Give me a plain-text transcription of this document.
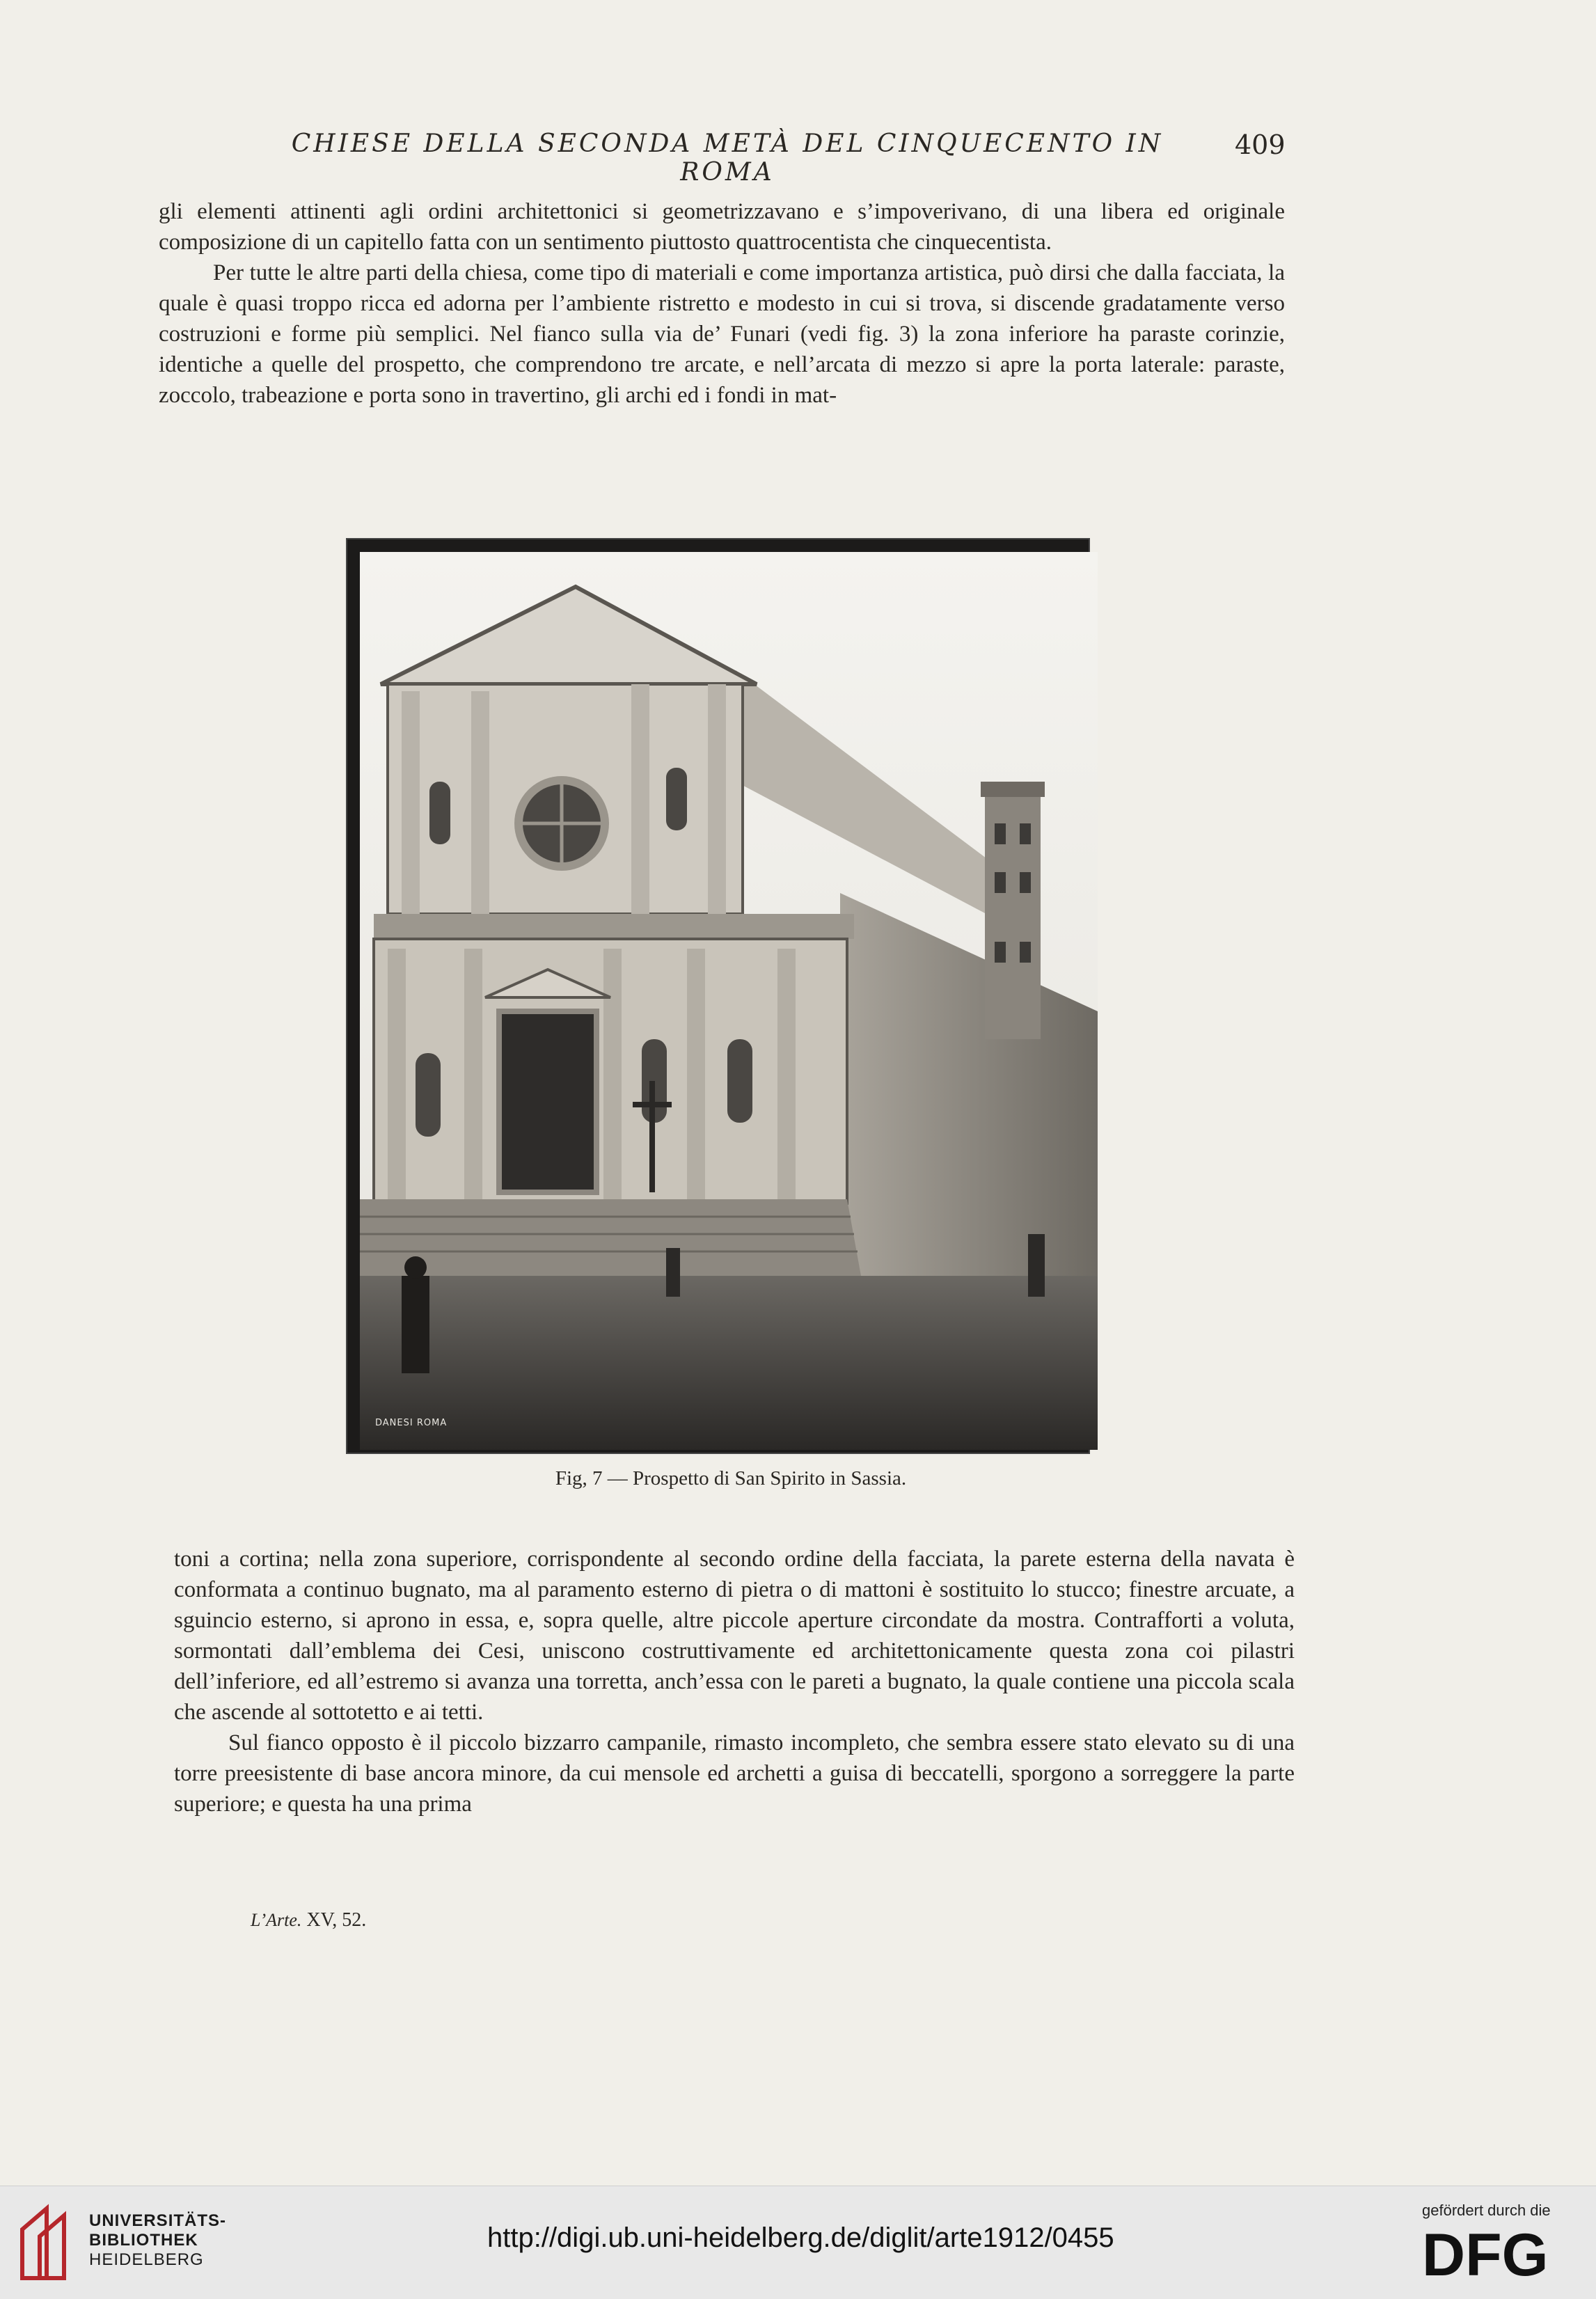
CHIESE DELLA SECONDA METÀ DEL CINQUECENTO IN ROMA
409

gli elementi attinenti agli ordini architettonici si geometrizzavano e s’impoverivano, di una libera ed originale composizione di un capitello fatta con un sentimento piuttosto quattrocentista che cinquecentista.

Per tutte le altre parti della chiesa, come tipo di materiali e come importanza artistica, può dirsi che dalla facciata, la quale è quasi troppo ricca ed adorna per l’ambiente ristretto e modesto in cui si trova, si discende gradatamente verso costruzioni e forme più semplici. Nel fianco sulla via de’ Funari (vedi fig. 3) la zona inferiore ha paraste corinzie, identiche a quelle del prospetto, che comprendono tre arcate, e nell’arcata di mezzo si apre la porta laterale: paraste, zoccolo, trabeazione e porta sono in travertino, gli archi ed i fondi in mat-

DANESI ROMA
Fig, 7 — Prospetto di San Spirito in Sassia.

toni a cortina; nella zona superiore, corrispondente al secondo ordine della facciata, la parete esterna della navata è conformata a continuo bugnato, ma al paramento esterno di pietra o di mattoni è sostituito lo stucco; finestre arcuate, a sguincio esterno, si aprono in essa, e, sopra quelle, altre piccole aperture circondate da mostra. Contrafforti a voluta, sormontati dall’emblema dei Cesi, uniscono costruttivamente ed architettonicamente questa zona coi pilastri dell’inferiore, ed all’estremo si avanza una torretta, anch’essa con le pareti a bugnato, la quale contiene una piccola scala che ascende al sottotetto e ai tetti.

Sul fianco opposto è il piccolo bizzarro campanile, rimasto incompleto, che sembra essere stato elevato su di una torre preesistente di base ancora minore, da cui mensole ed archetti a guisa di beccatelli, sporgono a sorreggere la parte superiore; e questa ha una prima

L’Arte. XV, 52.
UNIVERSITÄTS-
BIBLIOTHEK
HEIDELBERG
http://digi.ub.uni-heidelberg.de/diglit/arte1912/0455
gefördert durch die
DFG
